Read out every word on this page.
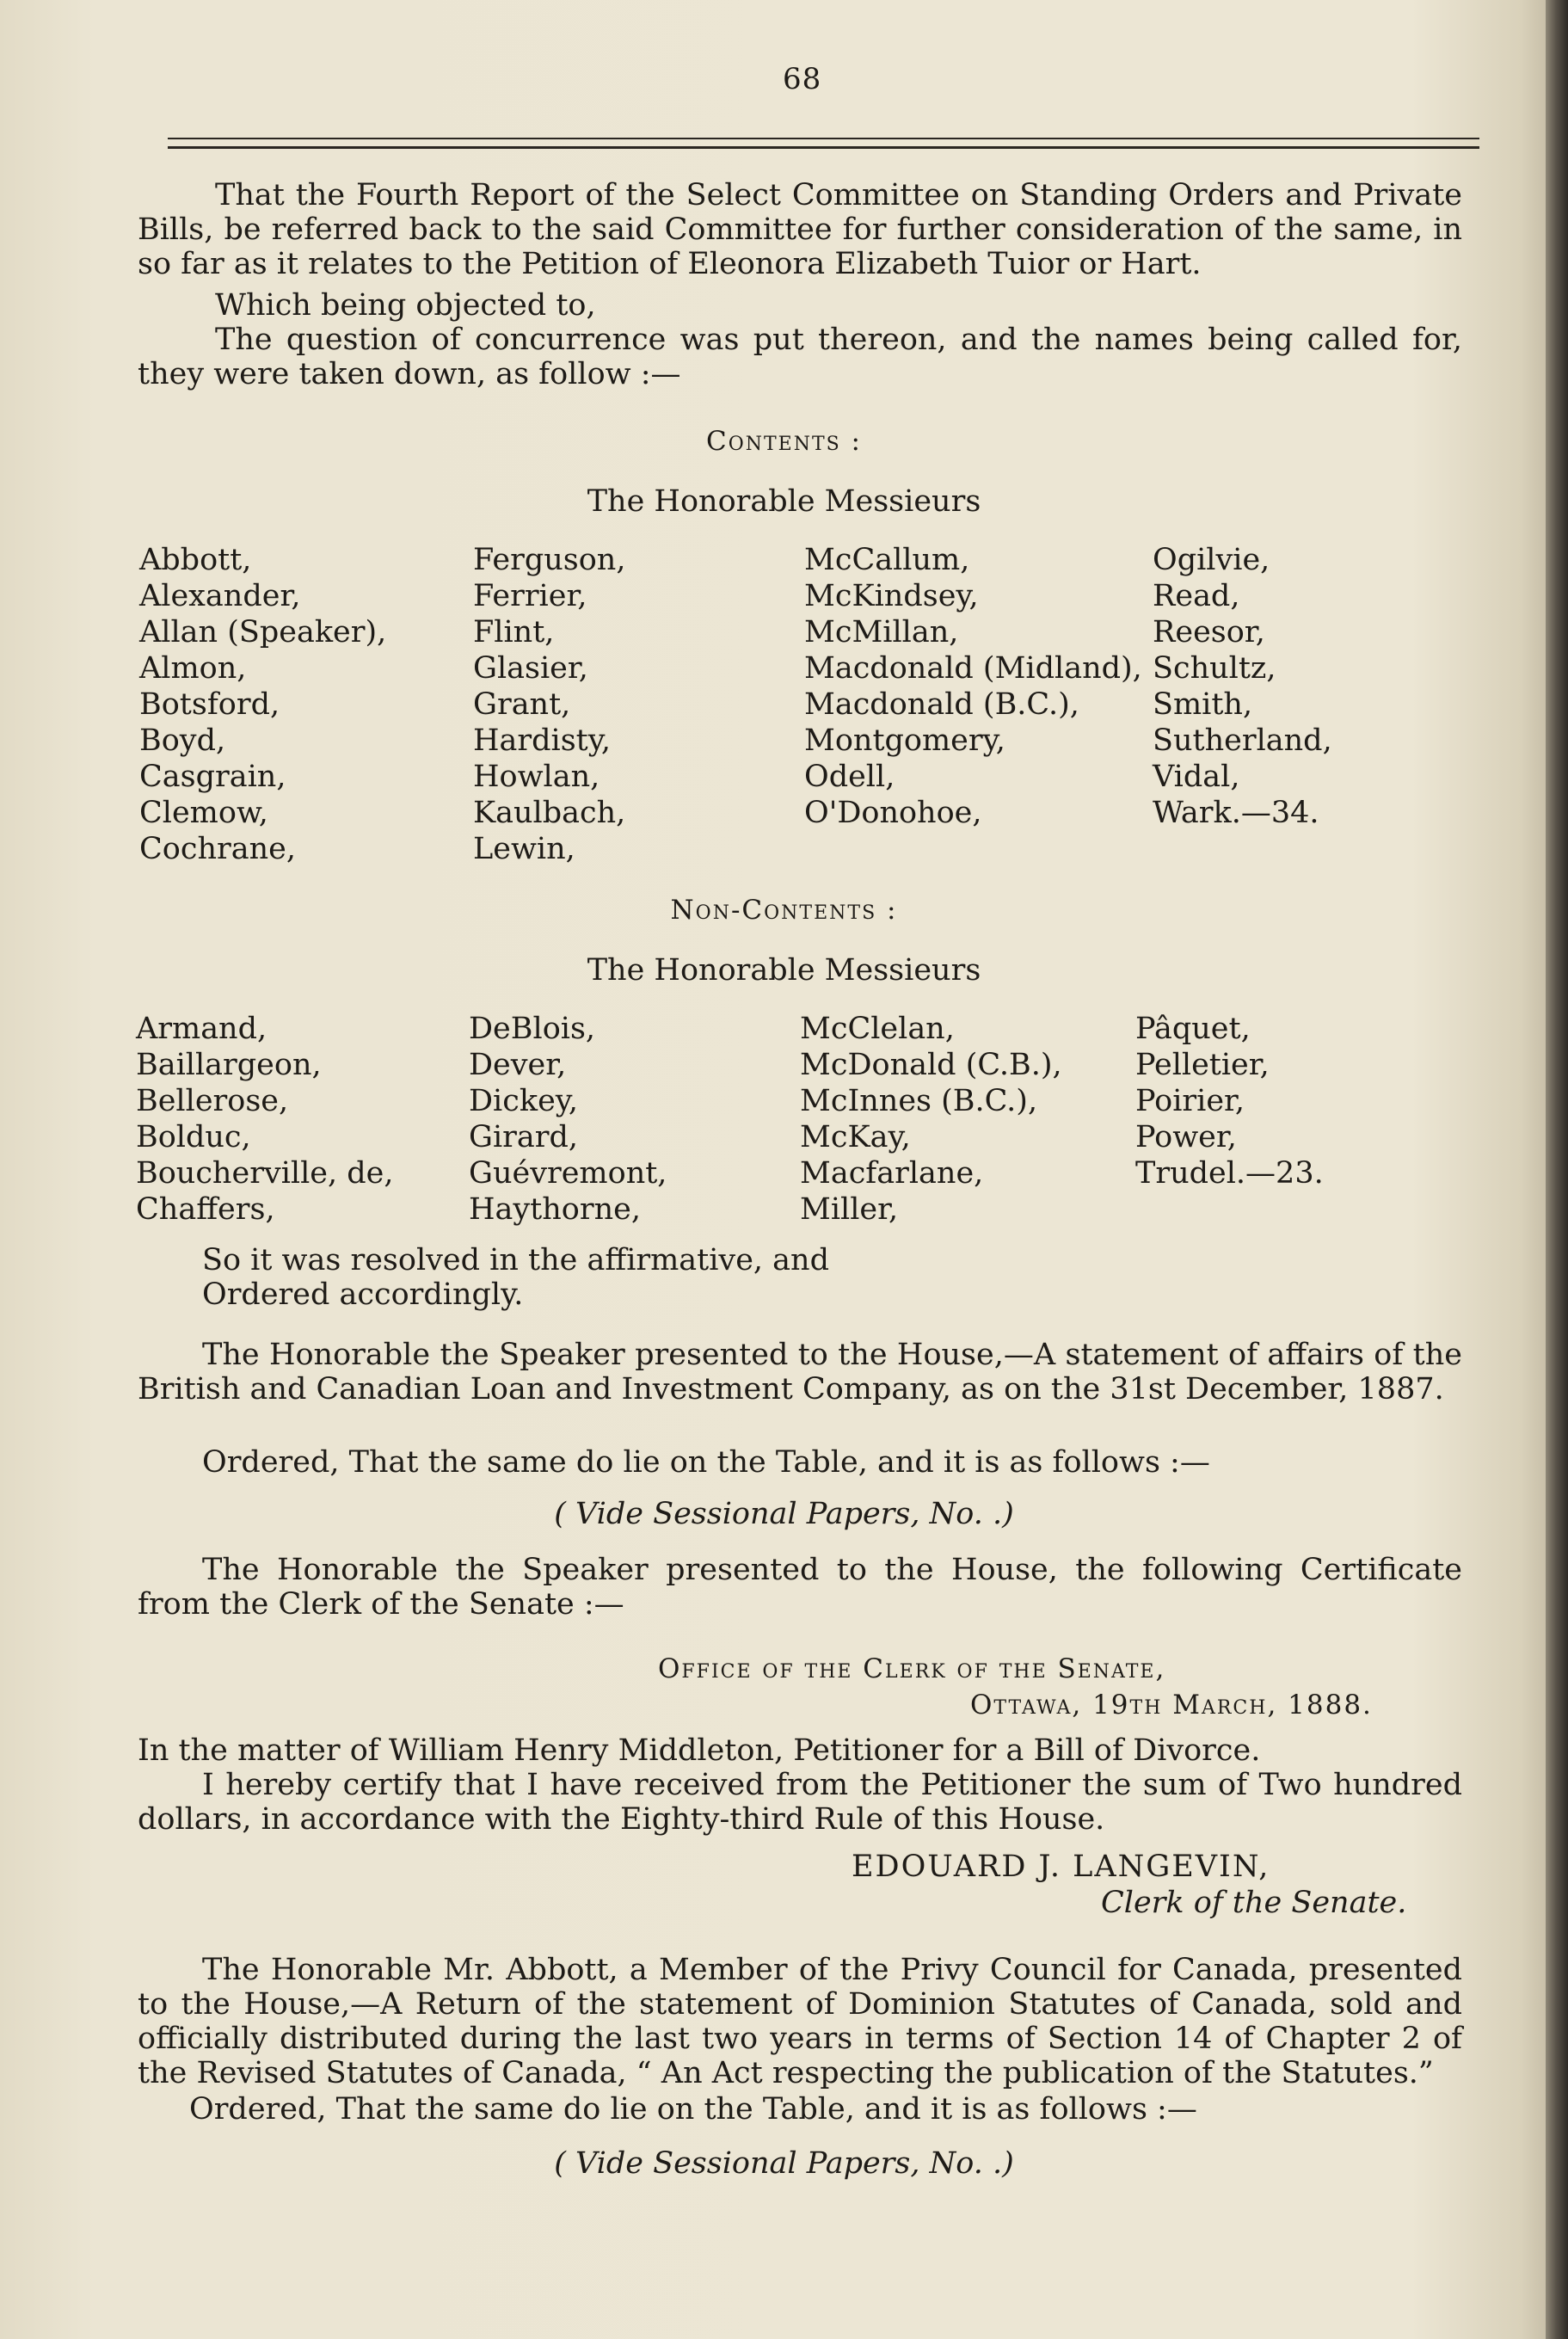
68
That the Fourth Report of the Select Committee on Standing Orders and Private Bills, be referred back to the said Committee for further consideration of the same, in so far as it relates to the Petition of Eleonora Elizabeth Tuior or Hart.
Which being objected to,
The question of concurrence was put thereon, and the names being called for, they were taken down, as follow :—
Contents :
The Honorable Messieurs
Abbott,
Alexander,
Allan (Speaker),
Almon,
Botsford,
Boyd,
Casgrain,
Clemow,
Cochrane,
Ferguson,
Ferrier,
Flint,
Glasier,
Grant,
Hardisty,
Howlan,
Kaulbach,
Lewin,
McCallum,
McKindsey,
McMillan,
Macdonald (Midland),
Macdonald (B.C.),
Montgomery,
Odell,
O'Donohoe,
Ogilvie,
Read,
Reesor,
Schultz,
Smith,
Sutherland,
Vidal,
Wark.—34.
Non-Contents :
The Honorable Messieurs
Armand,
Baillargeon,
Bellerose,
Bolduc,
Boucherville, de,
Chaffers,
DeBlois,
Dever,
Dickey,
Girard,
Guévremont,
Haythorne,
McClelan,
McDonald (C.B.),
McInnes (B.C.),
McKay,
Macfarlane,
Miller,
Pâquet,
Pelletier,
Poirier,
Power,
Trudel.—23.
So it was resolved in the affirmative, and
Ordered accordingly.
The Honorable the Speaker presented to the House,—A statement of affairs of the British and Canadian Loan and Investment Company, as on the 31st December, 1887.
Ordered, That the same do lie on the Table, and it is as follows :—
( Vide Sessional Papers, No. .)
The Honorable the Speaker presented to the House, the following Certificate from the Clerk of the Senate :—
Office of the Clerk of the Senate,
Ottawa, 19th March, 1888.
In the matter of William Henry Middleton, Petitioner for a Bill of Divorce.
I hereby certify that I have received from the Petitioner the sum of Two hundred dollars, in accordance with the Eighty-third Rule of this House.
EDOUARD J. LANGEVIN,
Clerk of the Senate.
The Honorable Mr. Abbott, a Member of the Privy Council for Canada, presented to the House,—A Return of the statement of Dominion Statutes of Canada, sold and officially distributed during the last two years in terms of Section 14 of Chapter 2 of the Revised Statutes of Canada, “ An Act respecting the publication of the Statutes.”
Ordered, That the same do lie on the Table, and it is as follows :—
( Vide Sessional Papers, No. .)
